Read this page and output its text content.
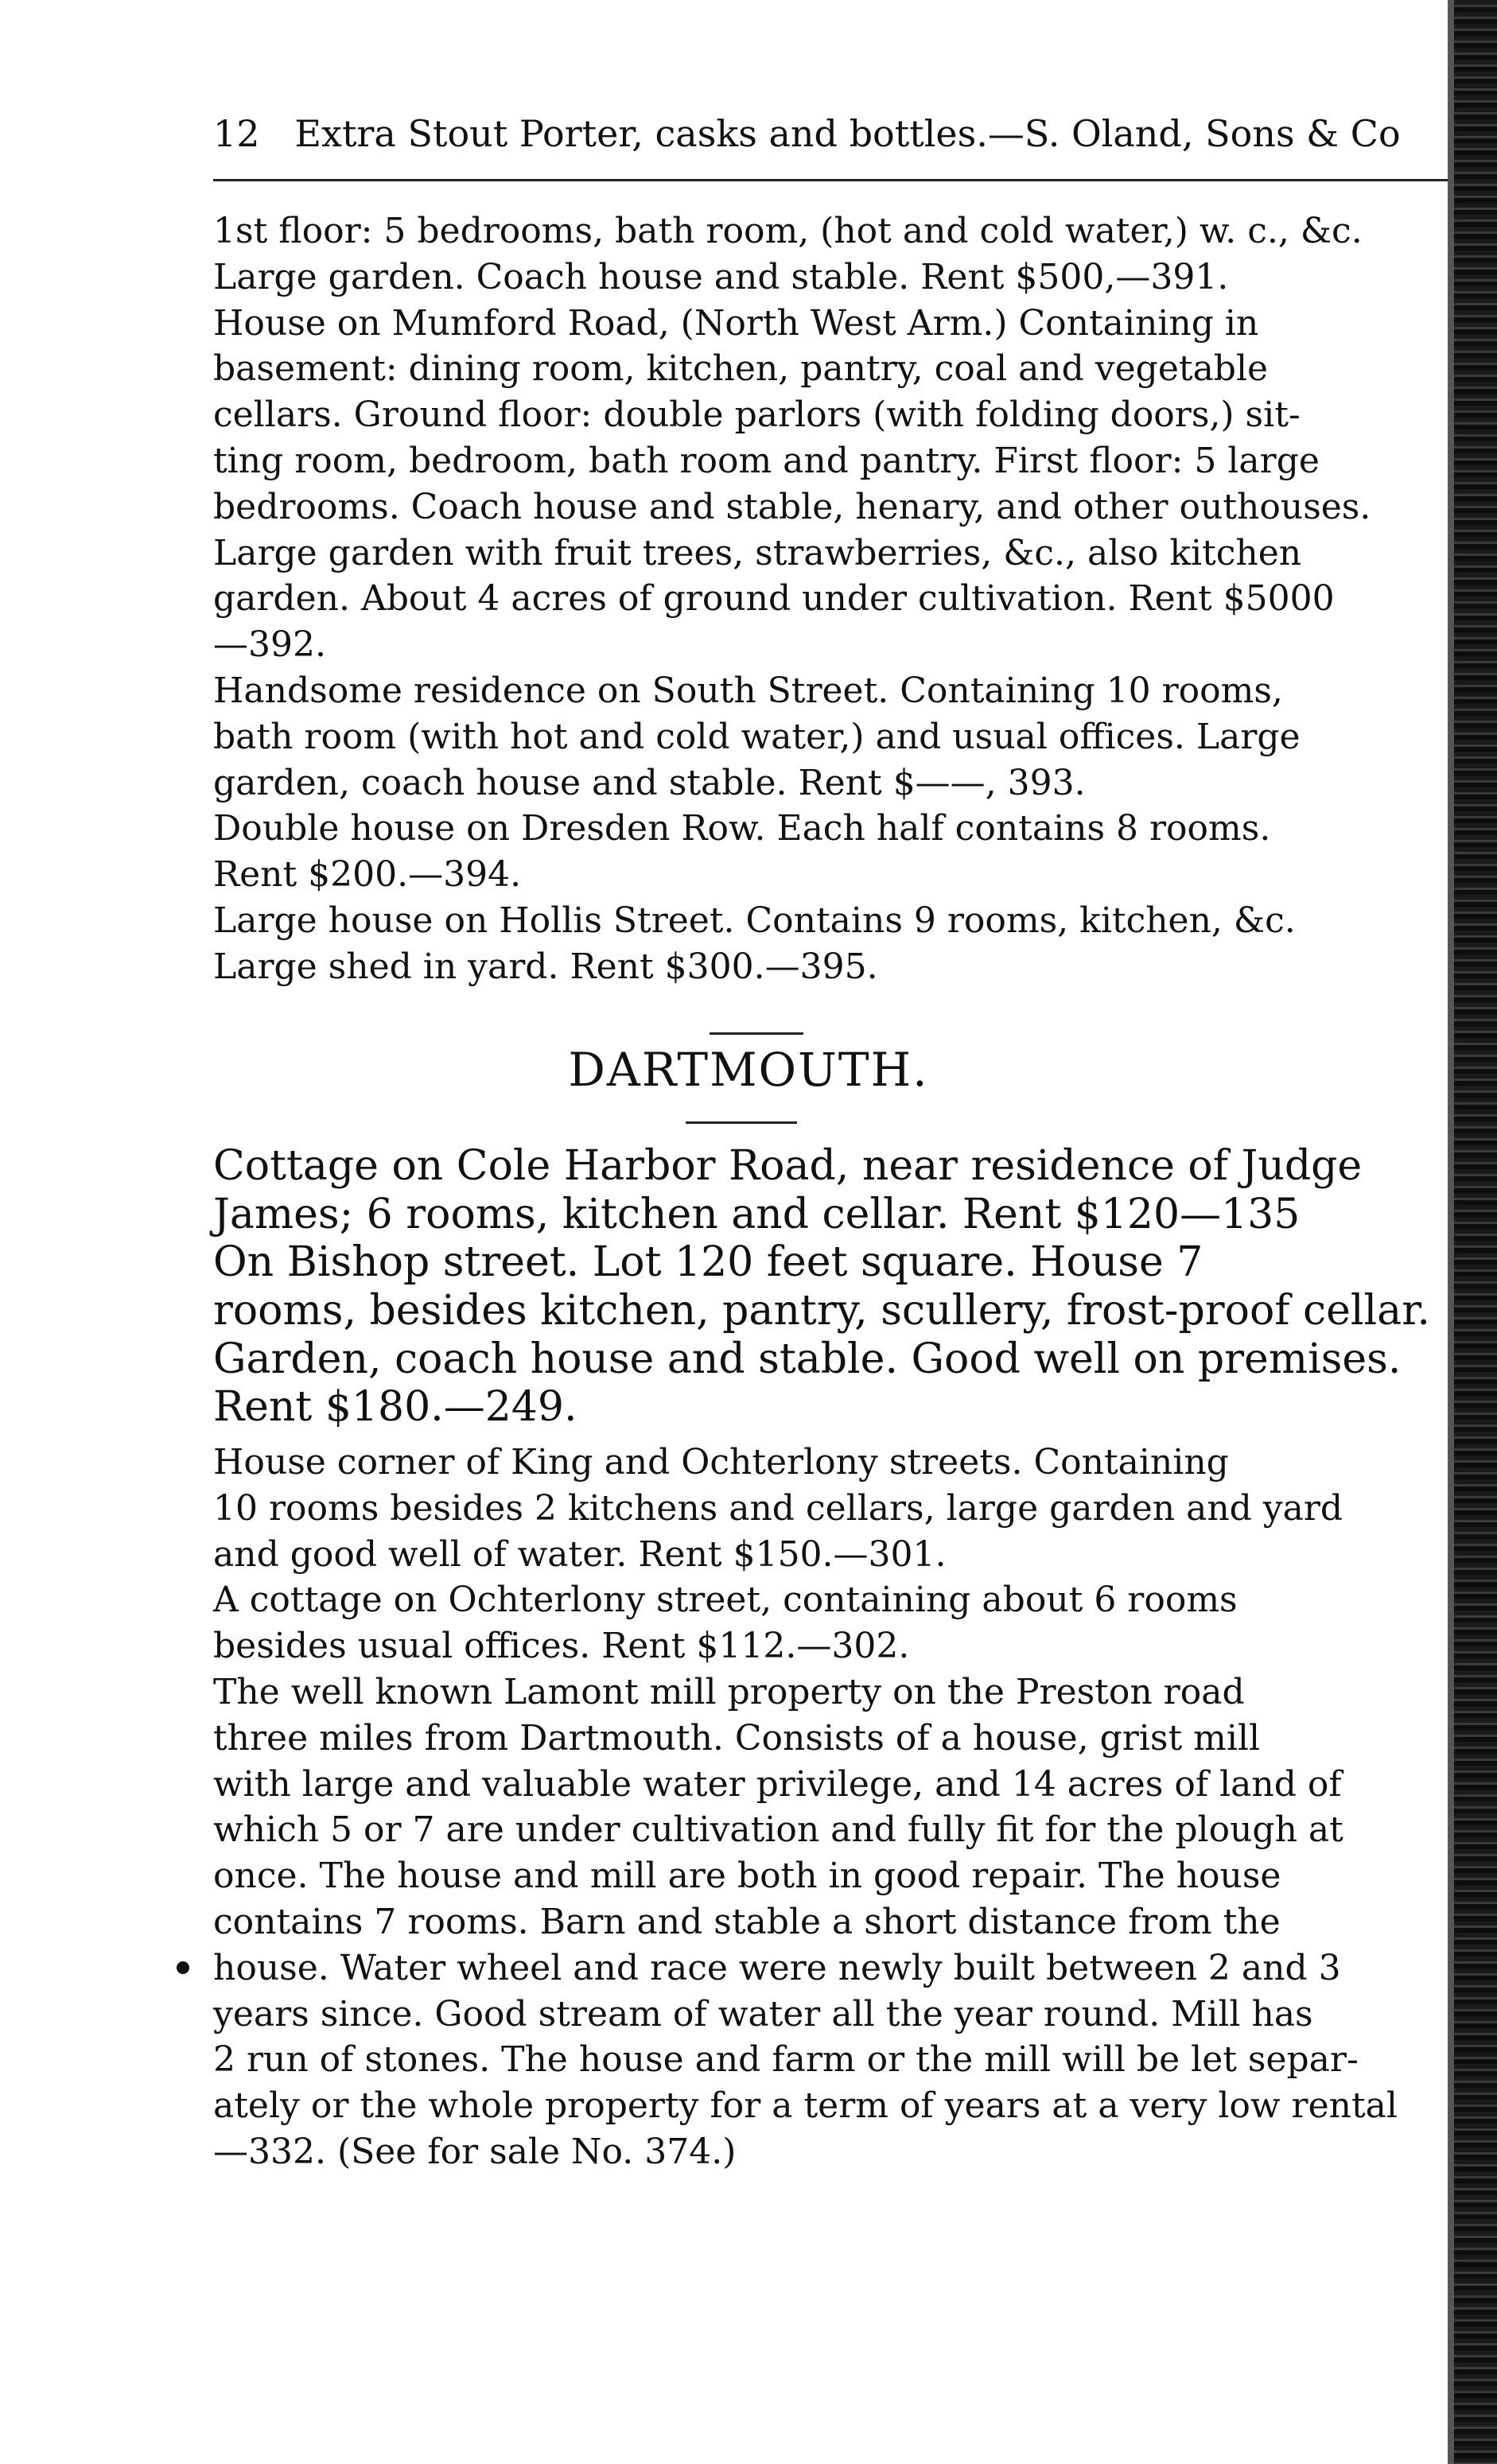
12 Extra Stout Porter, casks and bottles.—S. Oland, Sons & Co
1st floor: 5 bedrooms, bath room, (hot and cold water,) w. c., &c.
Large garden. Coach house and stable. Rent $500,—391.
House on Mumford Road, (North West Arm.) Containing in
basement: dining room, kitchen, pantry, coal and vegetable
cellars. Ground floor: double parlors (with folding doors,) sit-
ting room, bedroom, bath room and pantry. First floor: 5 large
bedrooms. Coach house and stable, henary, and other outhouses.
Large garden with fruit trees, strawberries, &c., also kitchen
garden. About 4 acres of ground under cultivation. Rent $5000
—392.
Handsome residence on South Street. Containing 10 rooms,
bath room (with hot and cold water,) and usual offices. Large
garden, coach house and stable. Rent $——, 393.
Double house on Dresden Row. Each half contains 8 rooms.
Rent $200.—394.
Large house on Hollis Street. Contains 9 rooms, kitchen, &c.
Large shed in yard. Rent $300.—395.
DARTMOUTH.
Cottage on Cole Harbor Road, near residence of Judge
James; 6 rooms, kitchen and cellar. Rent $120—135
On Bishop street. Lot 120 feet square. House 7
rooms, besides kitchen, pantry, scullery, frost-proof cellar.
Garden, coach house and stable. Good well on premises.
Rent $180.—249.
House corner of King and Ochterlony streets. Containing
10 rooms besides 2 kitchens and cellars, large garden and yard
and good well of water. Rent $150.—301.
A cottage on Ochterlony street, containing about 6 rooms
besides usual offices. Rent $112.—302.
The well known Lamont mill property on the Preston road
three miles from Dartmouth. Consists of a house, grist mill
with large and valuable water privilege, and 14 acres of land of
which 5 or 7 are under cultivation and fully fit for the plough at
once. The house and mill are both in good repair. The house
contains 7 rooms. Barn and stable a short distance from the
house. Water wheel and race were newly built between 2 and 3
years since. Good stream of water all the year round. Mill has
2 run of stones. The house and farm or the mill will be let separ-
ately or the whole property for a term of years at a very low rental
—332. (See for sale No. 374.)
